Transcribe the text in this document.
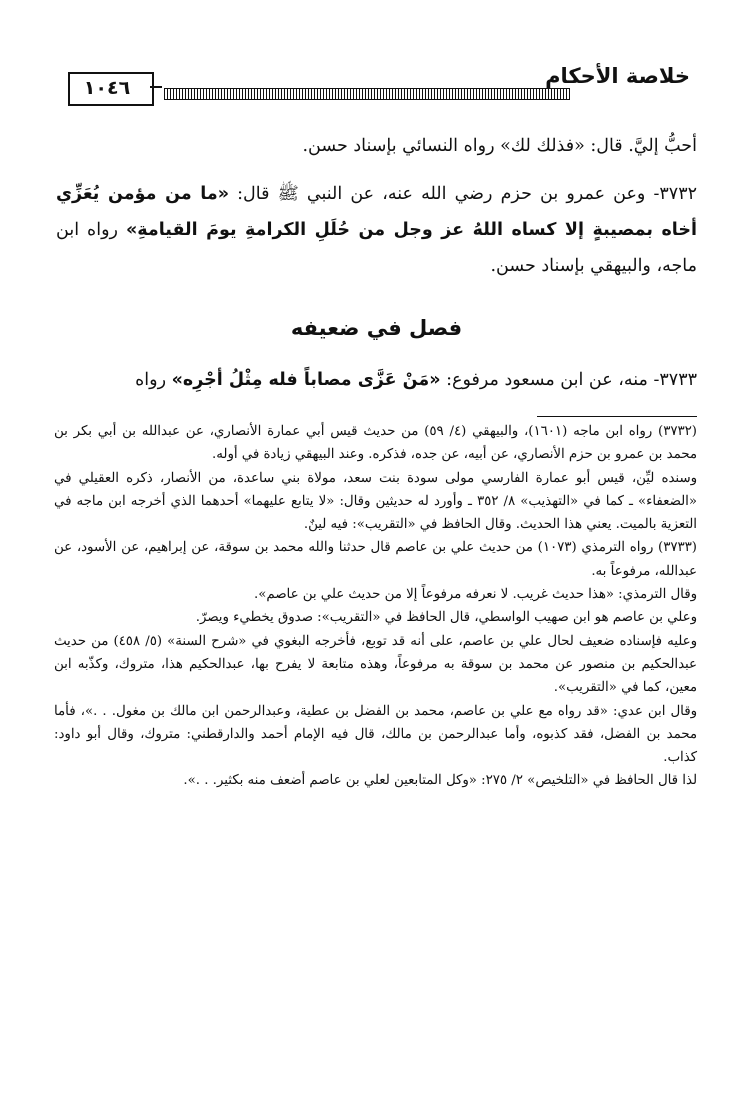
خلاصة الأحكام
١٠٤٦

أحبُّ إليَّ. قال: «فذلك لك» رواه النسائي بإسناد حسن.

٣٧٣٢- وعن عمرو بن حزم رضي الله عنه، عن النبي ﷺ قال: «ما من مؤمن يُعَزِّي أخاه بمصيبةٍ إلا كساه اللهُ عز وجل من حُلَلِ الكرامةِ يومَ القيامةِ» رواه ابن ماجه، والبيهقي بإسناد حسن.

فصل في ضعيفه
٣٧٣٣- منه، عن ابن مسعود مرفوع: «مَنْ عَزَّى مصاباً فله مِثْلُ أجْرِه» رواه

(٣٧٣٢) رواه ابن ماجه (١٦٠١)، والبيهقي (٤/ ٥٩) من حديث قيس أبي عمارة الأنصاري، عن عبدالله بن أبي بكر بن محمد بن عمرو بن حزم الأنصاري، عن أبيه، عن جده، فذكره. وعند البيهقي زيادة في أوله.

وسنده ليِّن، قيس أبو عمارة الفارسي مولى سودة بنت سعد، مولاة بني ساعدة، من الأنصار، ذكره العقيلي في «الضعفاء» ـ كما في «التهذيب» ٨/ ٣٥٢ ـ وأورد له حديثين وقال: «لا يتابع عليهما» أحدهما الذي أخرجه ابن ماجه في التعزية بالميت. يعني هذا الحديث. وقال الحافظ في «التقريب»: فيه لينٌ.

(٣٧٣٣) رواه الترمذي (١٠٧٣) من حديث علي بن عاصم قال حدثنا والله محمد بن سوقة، عن إبراهيم، عن الأسود، عن عبدالله، مرفوعاً به.

وقال الترمذي: «هذا حديث غريب. لا نعرفه مرفوعاً إلا من حديث علي بن عاصم».

وعلي بن عاصم هو ابن صهيب الواسطي، قال الحافظ في «التقريب»: صدوق يخطيء ويصرّ.

وعليه فإسناده ضعيف لحال علي بن عاصم، على أنه قد توبع، فأخرجه البغوي في «شرح السنة» (٥/ ٤٥٨) من حديث عبدالحكيم بن منصور عن محمد بن سوقة به مرفوعاً، وهذه متابعة لا يفرح بها، عبدالحكيم هذا، متروك، وكذّبه ابن معين، كما في «التقريب».

وقال ابن عدي: «قد رواه مع علي بن عاصم، محمد بن الفضل بن عطية، وعبدالرحمن ابن مالك بن مغول. . .»، فأما محمد بن الفضل، فقد كذبوه، وأما عبدالرحمن بن مالك، قال فيه الإمام أحمد والدارقطني: متروك، وقال أبو داود: كذاب.

لذا قال الحافظ في «التلخيص» ٢/ ٢٧٥: «وكل المتابعين لعلي بن عاصم أضعف منه بكثير. . .».
